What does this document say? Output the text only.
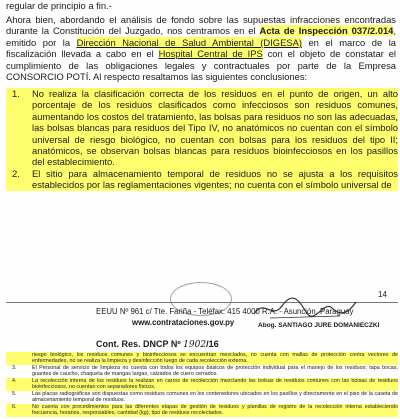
regular de principio a fin.-
Ahora bien, abordando el análisis de fondo sobre las supuestas infracciones encontradas durante la Constitución del Juzgado, nos centramos en el Acta de Inspección 037/2.014, emitido por la Dirección Nacional de Salud Ambiental (DIGESA) en el marco de la fiscalización llevada a cabo en el Hospital Central de IPS con el objeto de constatar el cumplimiento de las obligaciones legales y contractuales por parte de la Empresa CONSORCIO POTÍ. Al respecto resaltamos las siguientes conclusiones:
1. No realiza la clasificación correcta de los residuos en el punto de origen, un alto porcentaje de los residuos clasificados como infecciosos son residuos comunes, aumentando los costos del tratamiento, las bolsas para residuos no son las adecuadas, las bolsas blancas para residuos del Tipo IV, no anatómicos no cuentan con el símbolo universal de riesgo biológico, no cuentan con bolsas para los residuos del tipo II; anatómicos, se observan bolsas blancas para residuos bioinfecciosos en los pasillos del establecimiento.
2. El sitio para almacenamiento temporal de residuos no se ajusta a los requisitos establecidos por las reglamentaciones vigentes; no cuenta con el símbolo universal de
14
EEUU Nº 961 c/ Tte. Fariña - Teléfax: 415 4000 R.A. - Asunción, Paraguay
www.contrataciones.gov.py	Abog. SANTIAGO JURE DOMANIECZKI
Cont. Res. DNCP Nº 1902/16
riesgo biológico, los residuos comunes y bioinfecciosos se encuentran mezclados, no cuenta con mallas de protección contra vectores de enfermedades, no se realiza la limpieza y desinfección luego de cada recolección externa.
3.	El Personal de servicio de limpieza no cuenta con todos los equipos básicos de protección individual para el manejo de los residuos; tapa bocas, guantes de caucho, chaqueta de mangas largas, calzados de cuero cerrados.
4.	La recolección interna de los residuos la realizan en carros de recolección mezclando las bolsas de residuos comunes con las bolsas de residuos bioinfecciosos, no cuentan con separadores físicos.
5.	Las placas radiográficas son dispuestas como residuos comunes en los contenedores ubicados en los pasillos y directamente en el piso de la caseta de almacenamiento temporal de residuos.
6.	No cuenta con procedimientos para las diferentes etapas de gestión de residuos y planillas de registro de la recolección interna estableciendo frecuencia, horarios, responsables, cantidad (kg), tipo de residuos recolectados.
